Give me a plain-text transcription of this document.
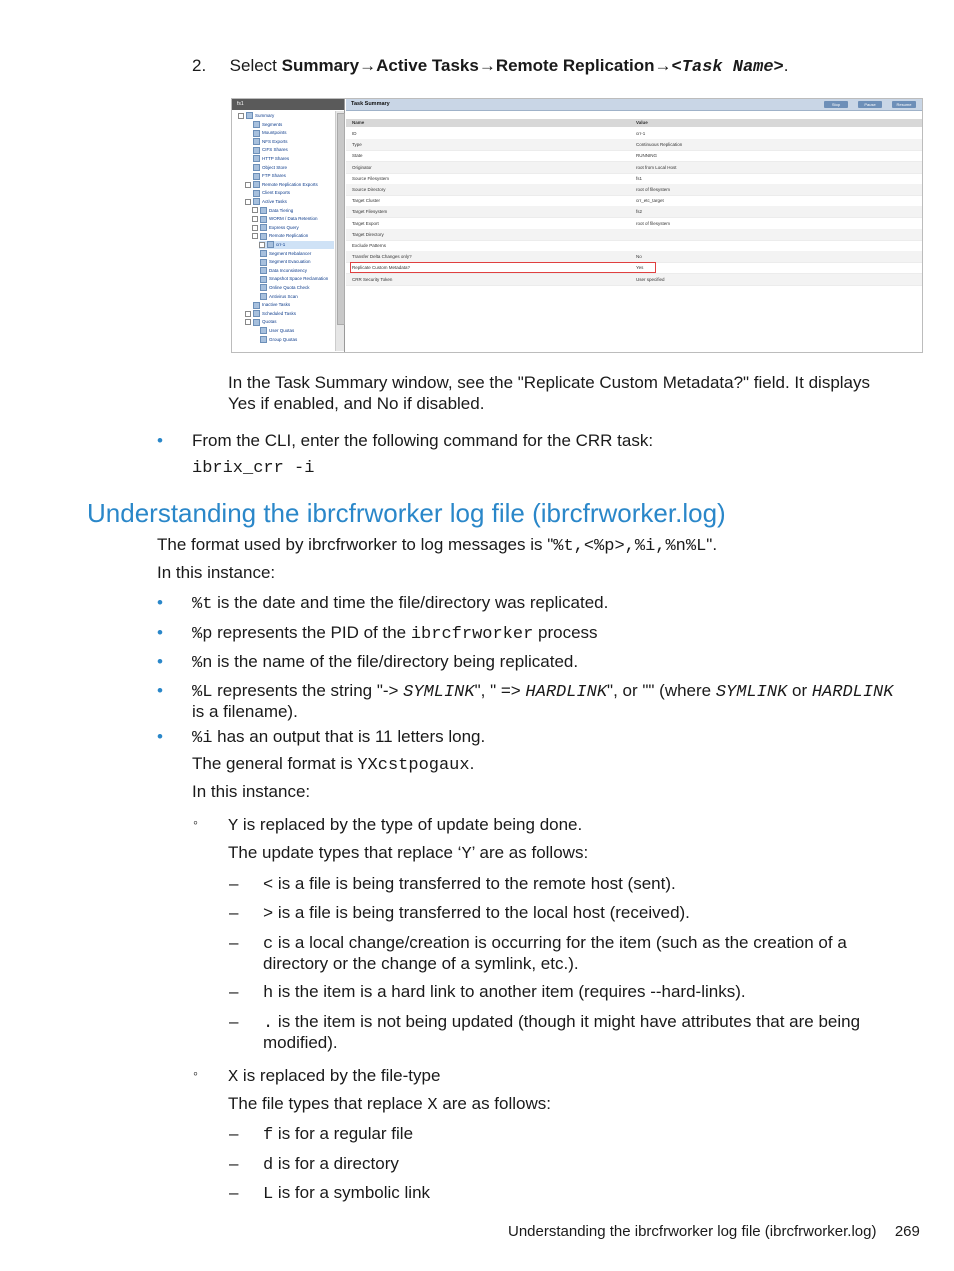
2. Select Summary→Active Tasks→Remote Replication→<Task Name>.
fs1
Summary
Segments
Mountpoints
NFS Exports
CIFS Shares
HTTP Shares
Object Store
FTP Shares
Remote Replication Exports
Client Exports
Active Tasks
Data Tiering
WORM / Data Retention
Express Query
Remote Replication
crr-1
Segment Rebalancer
Segment Evacuation
Data Inconsistency
Snapshot Space Reclamation
Online Quota Check
Antivirus Scan
Inactive Tasks
Scheduled Tasks
Quotas
User Quotas
Group Quotas
Task Summary	Stop	Pause	Resume
Name	Value
ID	crr-1
Type	Continuous Replication
State	RUNNING
Originator	root from Local Host
Source Filesystem	fs1
Source Directory	root of filesystem
Target Cluster	crr_etc_target
Target Filesystem	fs2
Target Export	root of filesystem
Target Directory
Exclude Patterns
Transfer Delta Changes only?	No
Replicate Custom Metadata?	Yes
CRR Security Token	User specified
In the Task Summary window, see the "Replicate Custom Metadata?" field. It displays
Yes if enabled, and No if disabled.
• From the CLI, enter the following command for the CRR task:
ibrix_crr -i
Understanding the ibrcfrworker log file (ibrcfrworker.log)
The format used by ibrcfrworker to log messages is "%t,<%p>,%i,%n%L".
In this instance:
• %t is the date and time the file/directory was replicated.
• %p represents the PID of the ibrcfrworker process
• %n is the name of the file/directory being replicated.
• %L represents the string "-> SYMLINK", " => HARDLINK", or "" (where SYMLINK or HARDLINK
is a filename).
• %i has an output that is 11 letters long.
The general format is YXcstpogaux.
In this instance:
◦ Y is replaced by the type of update being done.
The update types that replace ‘Y’ are as follows:
– < is a file is being transferred to the remote host (sent).
– > is a file is being transferred to the local host (received).
– c is a local change/creation is occurring for the item (such as the creation of a
directory or the change of a symlink, etc.).
– h is the item is a hard link to another item (requires --hard-links).
– . is the item is not being updated (though it might have attributes that are being
modified).
◦ X is replaced by the file-type
The file types that replace X are as follows:
– f is for a regular file
– d is for a directory
– L is for a symbolic link
Understanding the ibrcfrworker log file (ibrcfrworker.log) 269
